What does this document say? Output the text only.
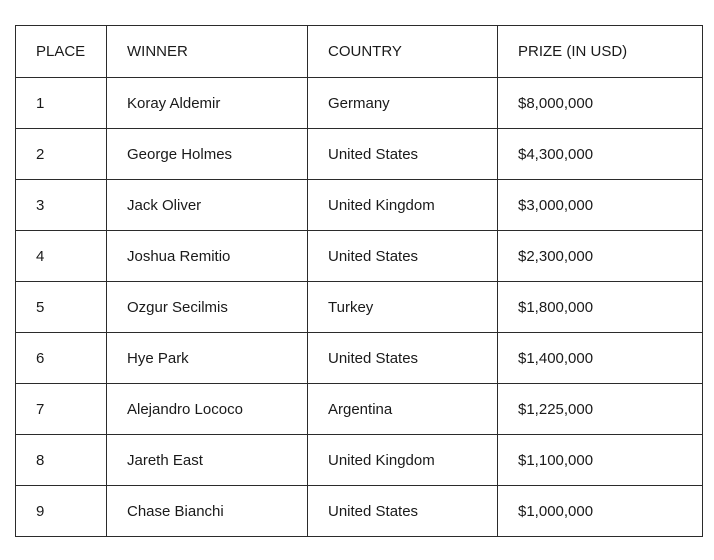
PLACE	WINNER	COUNTRY	PRIZE (IN USD)
1	Koray Aldemir	Germany	$8,000,000
2	George Holmes	United States	$4,300,000
3	Jack Oliver	United Kingdom	$3,000,000
4	Joshua Remitio	United States	$2,300,000
5	Ozgur Secilmis	Turkey	$1,800,000
6	Hye Park	United States	$1,400,000
7	Alejandro Lococo	Argentina	$1,225,000
8	Jareth East	United Kingdom	$1,100,000
9	Chase Bianchi	United States	$1,000,000
